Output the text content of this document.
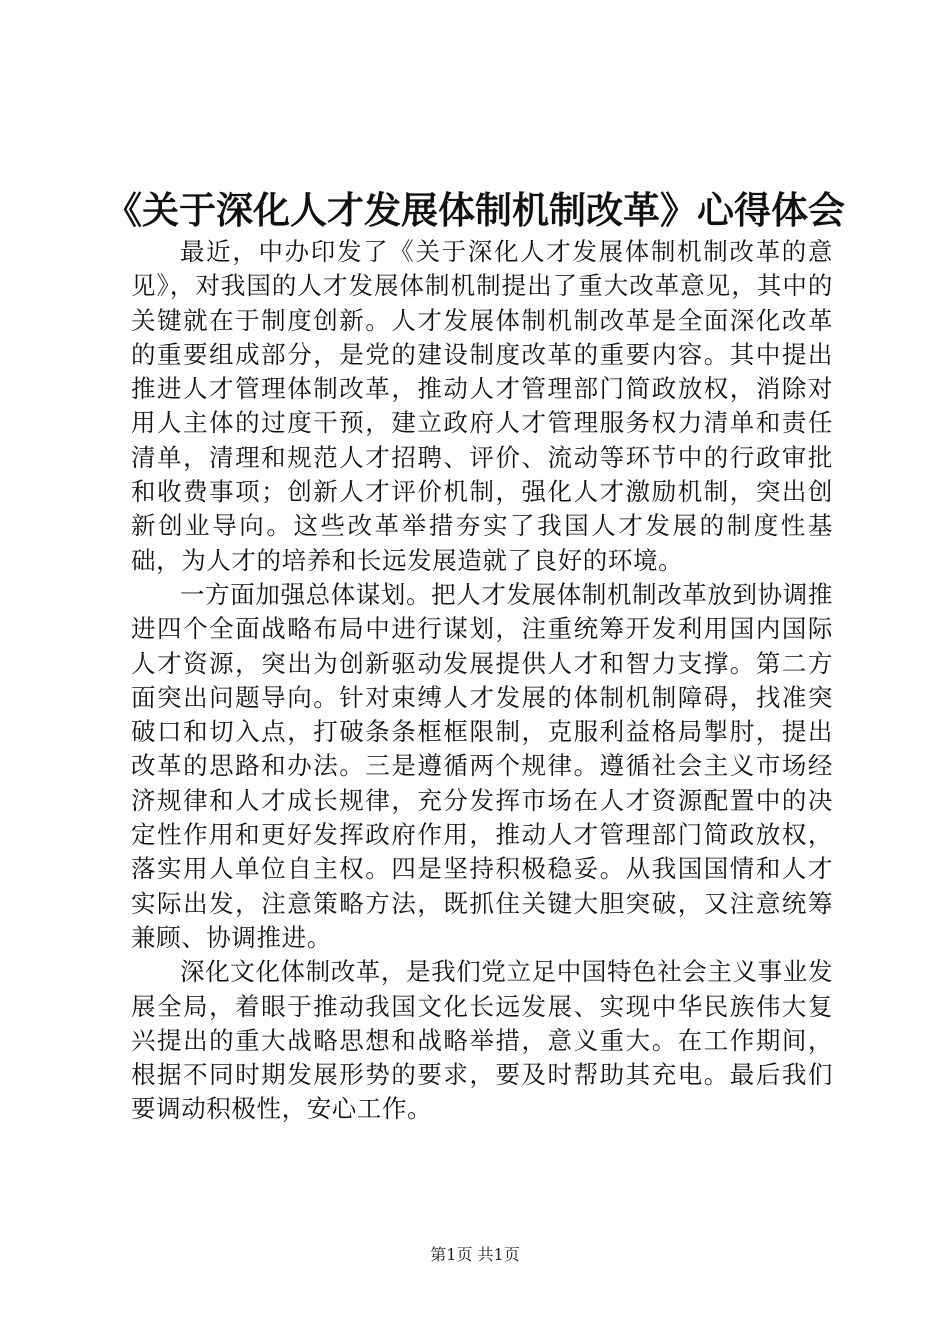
《关于深化人才发展体制机制改革》心得体会

最近，中办印发了《关于深化人才发展体制机制改革的意见》，对我国的人才发展体制机制提出了重大改革意见，其中的关键就在于制度创新。人才发展体制机制改革是全面深化改革的重要组成部分，是党的建设制度改革的重要内容。其中提出推进人才管理体制改革，推动人才管理部门简政放权，消除对用人主体的过度干预，建立政府人才管理服务权力清单和责任清单，清理和规范人才招聘、评价、流动等环节中的行政审批和收费事项；创新人才评价机制，强化人才激励机制，突出创新创业导向。这些改革举措夯实了我国人才发展的制度性基础，为人才的培养和长远发展造就了良好的环境。

一方面加强总体谋划。把人才发展体制机制改革放到协调推进四个全面战略布局中进行谋划，注重统筹开发利用国内国际人才资源，突出为创新驱动发展提供人才和智力支撑。第二方面突出问题导向。针对束缚人才发展的体制机制障碍，找准突破口和切入点，打破条条框框限制，克服利益格局掣肘，提出改革的思路和办法。三是遵循两个规律。遵循社会主义市场经济规律和人才成长规律，充分发挥市场在人才资源配置中的决定性作用和更好发挥政府作用，推动人才管理部门简政放权，落实用人单位自主权。四是坚持积极稳妥。从我国国情和人才实际出发，注意策略方法，既抓住关键大胆突破，又注意统筹兼顾、协调推进。

深化文化体制改革，是我们党立足中国特色社会主义事业发展全局，着眼于推动我国文化长远发展、实现中华民族伟大复兴提出的重大战略思想和战略举措，意义重大。在工作期间，根据不同时期发展形势的要求，要及时帮助其充电。最后我们要调动积极性，安心工作。

第1页 共1页
